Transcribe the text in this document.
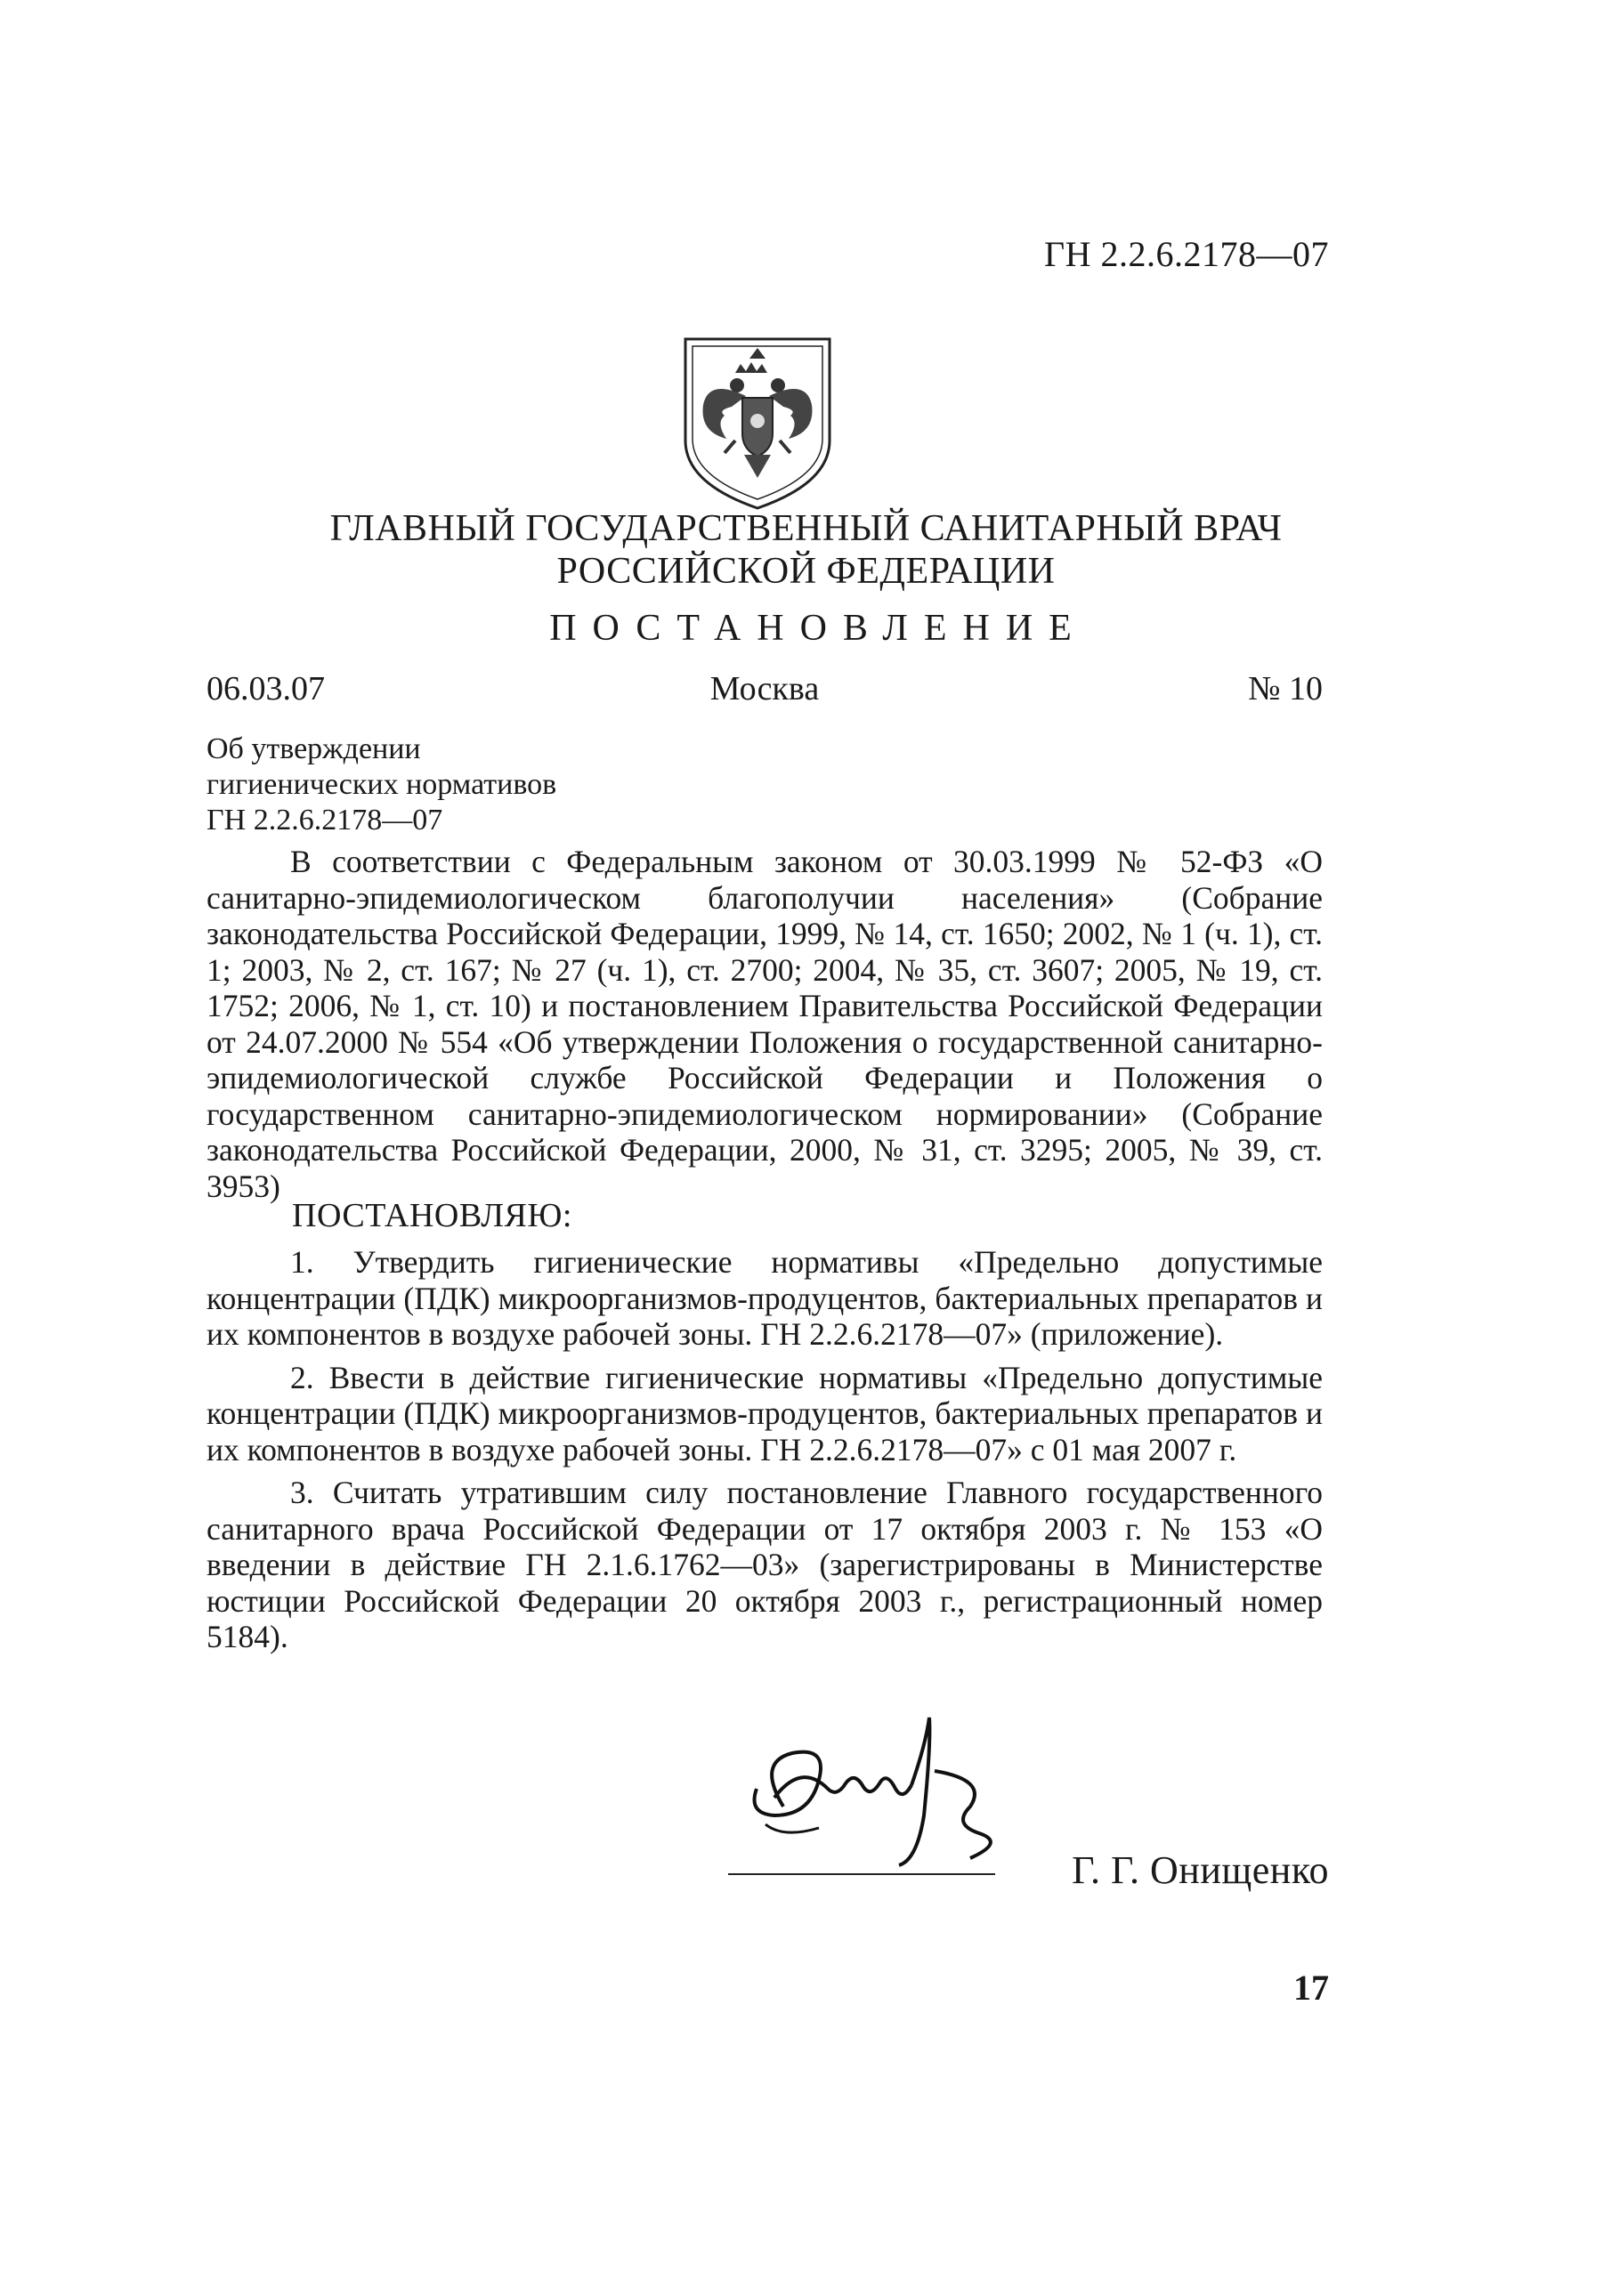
ГН 2.2.6.2178—07
ГЛАВНЫЙ ГОСУДАРСТВЕННЫЙ САНИТАРНЫЙ ВРАЧ
РОССИЙСКОЙ ФЕДЕРАЦИИ
ПОСТАНОВЛЕНИЕ
06.03.07	Москва	№ 10
Об утверждении
гигиенических нормативов
ГН 2.2.6.2178—07

В соответствии с Федеральным законом от 30.03.1999 № 52-ФЗ «О санитарно-эпидемиологическом благополучии населения» (Собрание законодательства Российской Федерации, 1999, № 14, ст. 1650; 2002, № 1 (ч. 1), ст. 1; 2003, № 2, ст. 167; № 27 (ч. 1), ст. 2700; 2004, № 35, ст. 3607; 2005, № 19, ст. 1752; 2006, № 1, ст. 10) и постановлением Правительства Российской Федерации от 24.07.2000 № 554 «Об утверждении Положения о государственной санитарно-эпидемиологической службе Российской Федерации и Положения о государственном санитарно-эпидемиологическом нормировании» (Собрание законодательства Российской Федерации, 2000, № 31, ст. 3295; 2005, № 39, ст. 3953)

ПОСТАНОВЛЯЮ:

1. Утвердить гигиенические нормативы «Предельно допустимые концентрации (ПДК) микроорганизмов-продуцентов, бактериальных препаратов и их компонентов в воздухе рабочей зоны. ГН 2.2.6.2178—07» (приложение).

2. Ввести в действие гигиенические нормативы «Предельно допустимые концентрации (ПДК) микроорганизмов-продуцентов, бактериальных препаратов и их компонентов в воздухе рабочей зоны. ГН 2.2.6.2178—07» с 01 мая 2007 г.

3. Считать утратившим силу постановление Главного государственного санитарного врача Российской Федерации от 17 октября 2003 г. № 153 «О введении в действие ГН 2.1.6.1762—03» (зарегистрированы в Министерстве юстиции Российской Федерации 20 октября 2003 г., регистрационный номер 5184).

Г. Г. Онищенко
17
